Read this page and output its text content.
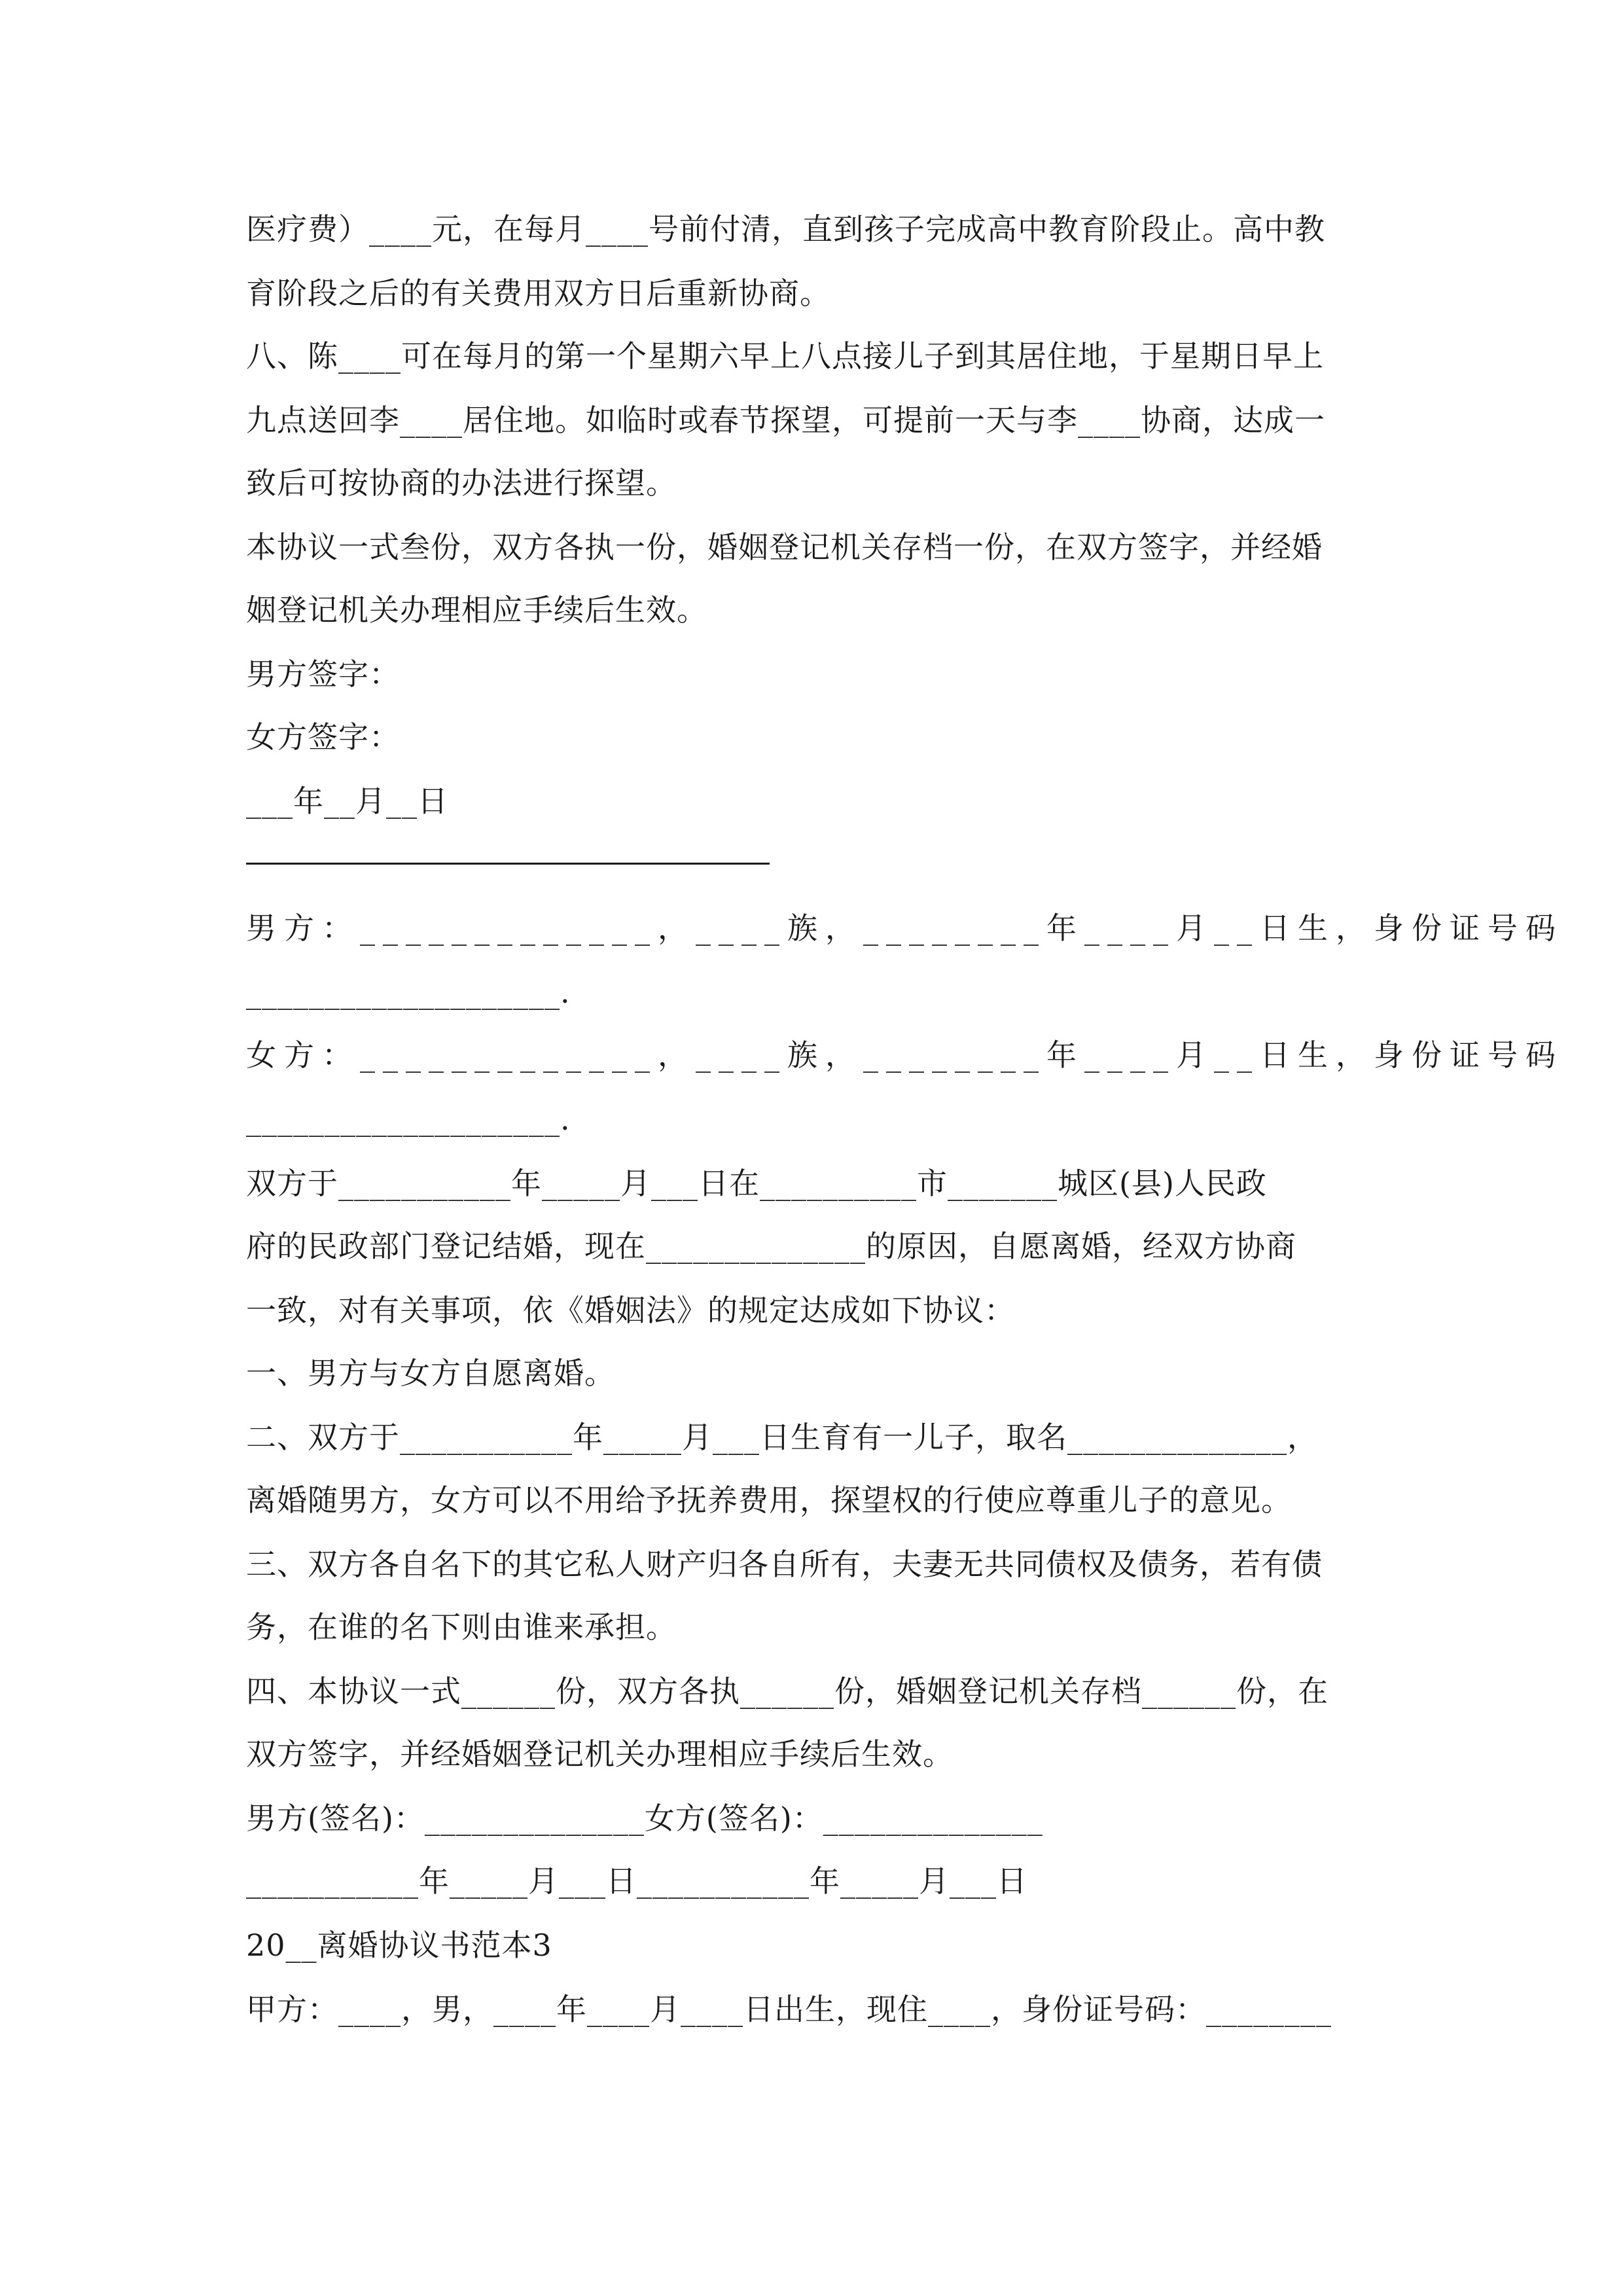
医疗费）____元，在每月____号前付清，直到孩子完成高中教育阶段止。高中教
育阶段之后的有关费用双方日后重新协商。
八、陈____可在每月的第一个星期六早上八点接儿子到其居住地，于星期日早上
九点送回李____居住地。如临时或春节探望，可提前一天与李____协商，达成一
致后可按协商的办法进行探望。
本协议一式叁份，双方各执一份，婚姻登记机关存档一份，在双方签字，并经婚
姻登记机关办理相应手续后生效。
男方签字：
女方签字：
___年__月__日
男方：_____________，____族，________年____月__日生，身份证号码
____________________.
女方：_____________，____族，________年____月__日生，身份证号码
____________________.
双方于___________年_____月___日在__________市_______城区(县)人民政
府的民政部门登记结婚，现在______________的原因，自愿离婚，经双方协商
一致，对有关事项，依《婚姻法》的规定达成如下协议：
一、男方与女方自愿离婚。
二、双方于___________年_____月___日生育有一儿子，取名______________，
离婚随男方，女方可以不用给予抚养费用，探望权的行使应尊重儿子的意见。
三、双方各自名下的其它私人财产归各自所有，夫妻无共同债权及债务，若有债
务，在谁的名下则由谁来承担。
四、本协议一式______份，双方各执______份，婚姻登记机关存档______份，在
双方签字，并经婚姻登记机关办理相应手续后生效。
男方(签名)：______________女方(签名)：______________
___________年_____月___日___________年_____月___日
20__离婚协议书范本3
甲方：____，男，____年____月____日出生，现住____，身份证号码：________
